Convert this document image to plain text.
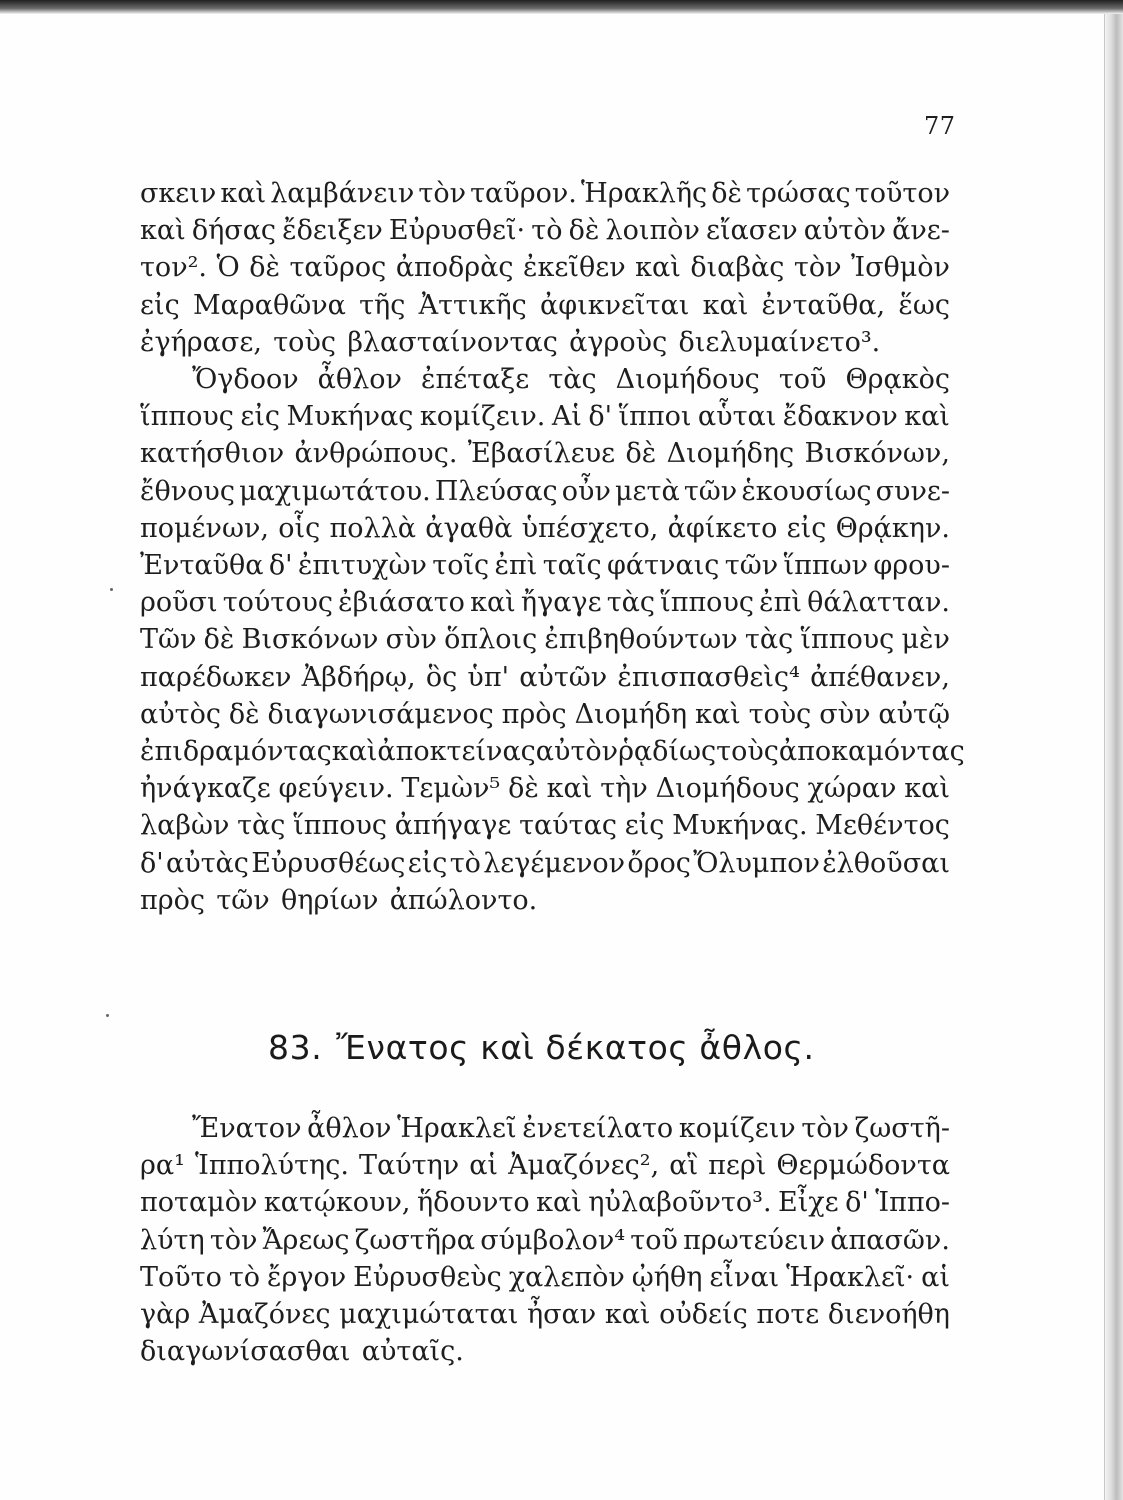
77
σκειν καὶ λαμβάνειν τὸν ταῦρον. Ἡρακλῆς δὲ τρώσας τοῦτον
καὶ δήσας ἔδειξεν Εὐρυσθεῖ· τὸ δὲ λοιπὸν εἴασεν αὐτὸν ἄνε-
τον². Ὁ δὲ ταῦρος ἀποδρὰς ἐκεῖθεν καὶ διαβὰς τὸν Ἰσθμὸν
εἰς Μαραθῶνα τῆς Ἀττικῆς ἀφικνεῖται καὶ ἐνταῦθα, ἕως
ἐγήρασε, τοὺς βλασταίνοντας ἀγροὺς διελυμαίνετο³.
Ὄγδοον ἆθλον ἐπέταξε τὰς Διομήδους τοῦ Θρᾳκὸς
ἵππους εἰς Μυκήνας κομίζειν. Αἱ δ' ἵπποι αὗται ἔδακνον καὶ
κατήσθιον ἀνθρώπους. Ἐβασίλευε δὲ Διομήδης Βισκόνων,
ἔθνους μαχιμωτάτου. Πλεύσας οὖν μετὰ τῶν ἑκουσίως συνε-
πομένων, οἷς πολλὰ ἀγαθὰ ὑπέσχετο, ἀφίκετο εἰς Θρᾴκην.
Ἐνταῦθα δ' ἐπιτυχὼν τοῖς ἐπὶ ταῖς φάτναις τῶν ἵππων φρου-
ροῦσι τούτους ἐβιάσατο καὶ ἤγαγε τὰς ἵππους ἐπὶ θάλατταν.
Τῶν δὲ Βισκόνων σὺν ὅπλοις ἐπιβηθούντων τὰς ἵππους μὲν
παρέδωκεν Ἀβδήρῳ, ὃς ὑπ' αὐτῶν ἐπισπασθεὶς⁴ ἀπέθανεν,
αὐτὸς δὲ διαγωνισάμενος πρὸς Διομήδη καὶ τοὺς σὺν αὐτῷ
ἐπιδραμόντας καὶ ἀποκτείνας αὐτὸν ῥᾳδίως τοὺς ἀποκαμόντας
ἠνάγκαζε φεύγειν. Τεμὼν⁵ δὲ καὶ τὴν Διομήδους χώραν καὶ
λαβὼν τὰς ἵππους ἀπήγαγε ταύτας εἰς Μυκήνας. Μεθέντος
δ' αὐτὰς Εὐρυσθέως εἰς τὸ λεγέμενον ὄρος Ὄλυμπον ἐλθοῦσαι
πρὸς τῶν θηρίων ἀπώλοντο.
83. Ἔνατος καὶ δέκατος ἆθλος.
Ἔνατον ἆθλον Ἡρακλεῖ ἐνετείλατο κομίζειν τὸν ζωστῆ-
ρα¹ Ἱππολύτης. Ταύτην αἱ Ἀμαζόνες², αἳ περὶ Θερμώδοντα
ποταμὸν κατῴκουν, ἥδουντο καὶ ηὐλαβοῦντο³. Εἶχε δ' Ἱππο-
λύτη τὸν Ἄρεως ζωστῆρα σύμβολον⁴ τοῦ πρωτεύειν ἁπασῶν.
Τοῦτο τὸ ἔργον Εὐρυσθεὺς χαλεπὸν ᾠήθη εἶναι Ἡρακλεῖ· αἱ
γὰρ Ἀμαζόνες μαχιμώταται ἦσαν καὶ οὐδείς ποτε διενοήθη
διαγωνίσασθαι αὐταῖς.
